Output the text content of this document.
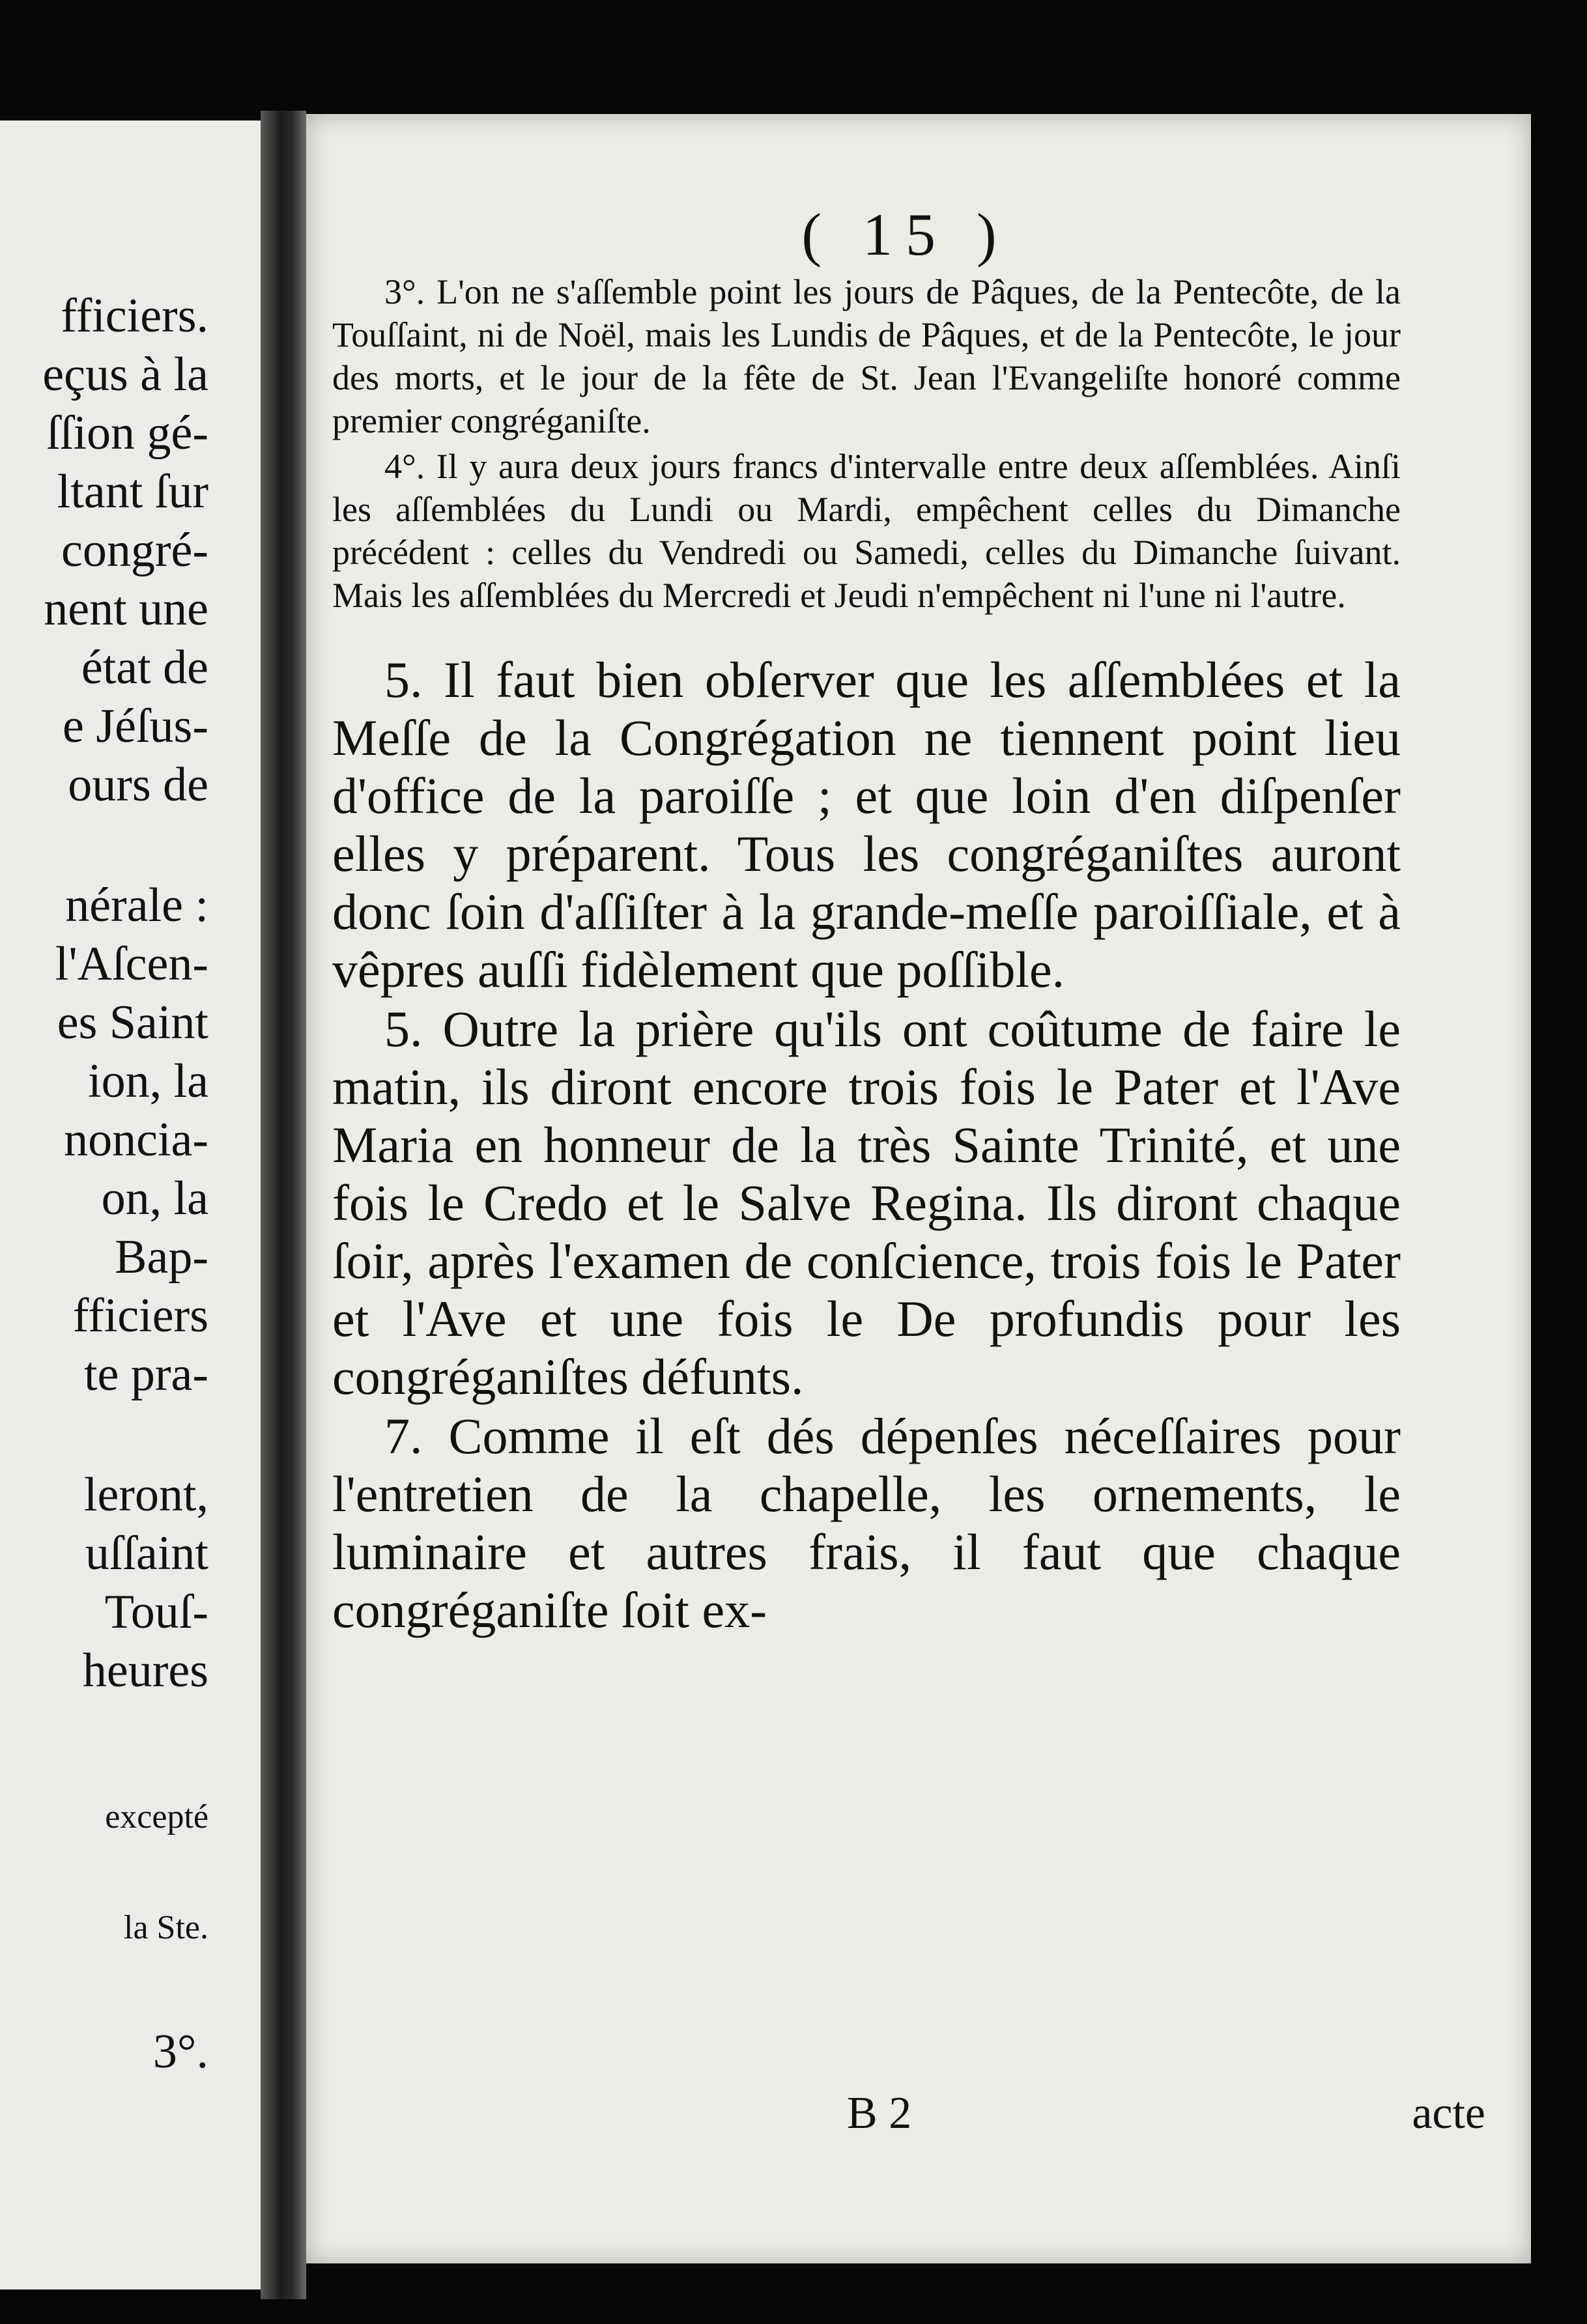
fficiers.
eçus à la
ſſion gé-
ltant ſur
congré-
nent une
état de
e Jéſus-
ours de
nérale :
l'Aſcen-
es Saint
ion, la
noncia-
on, la
Bap-
fficiers
te pra-
leront,
uſſaint
Touſ-
heures
excepté
la Ste.
3°.
( 15 )

3°. L'on ne s'aſſemble point les jours de Pâques, de la Pentecôte, de la Touſſaint, ni de Noël, mais les Lundis de Pâques, et de la Pentecôte, le jour des morts, et le jour de la fête de St. Jean l'Evangeliſte honoré comme premier congréganiſte.

4°. Il y aura deux jours francs d'intervalle entre deux aſſemblées. Ainſi les aſſemblées du Lundi ou Mardi, empêchent celles du Dimanche précédent : celles du Vendredi ou Samedi, celles du Dimanche ſuivant. Mais les aſſemblées du Mercredi et Jeudi n'empêchent ni l'une ni l'autre.

5. Il faut bien obſerver que les aſſemblées et la Meſſe de la Congrégation ne tiennent point lieu d'office de la paroiſſe ; et que loin d'en diſpenſer elles y préparent. Tous les congréganiſtes auront donc ſoin d'aſſiſter à la grande-meſſe paroiſſiale, et à vêpres auſſi fidèlement que poſſible.

5. Outre la prière qu'ils ont coûtume de faire le matin, ils diront encore trois fois le Pater et l'Ave Maria en honneur de la très Sainte Trinité, et une fois le Credo et le Salve Regina. Ils diront chaque ſoir, après l'examen de conſcience, trois fois le Pater et l'Ave et une fois le De profundis pour les congréganiſtes défunts.

7. Comme il eſt dés dépenſes néceſſaires pour l'entretien de la chapelle, les ornements, le luminaire et autres frais, il faut que chaque congréganiſte ſoit ex-

B 2	acte
